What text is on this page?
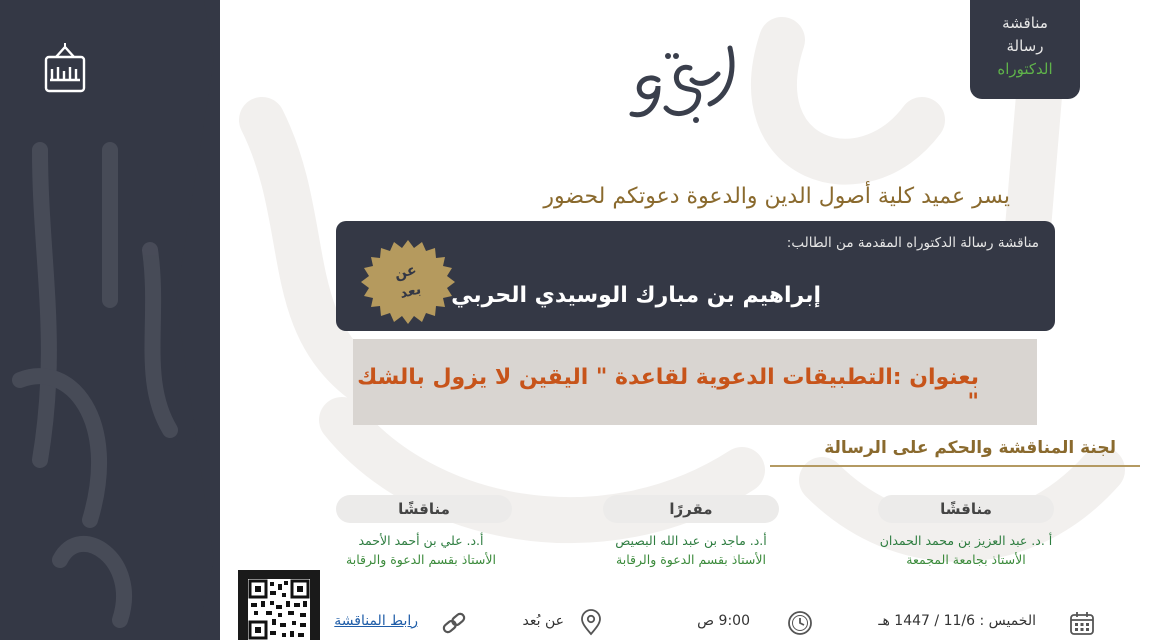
مناقشة
رسالة
الدكتوراه
يسر عميد كلية أصول الدين والدعوة دعوتكم لحضور
مناقشة رسالة الدكتوراه المقدمة من الطالب:
إبراهيم بن مبارك الوسيدي الحربي
عن
بعد
بعنوان :التطبيقات الدعوية لقاعدة " اليقين لا يزول بالشك "
لجنة المناقشة والحكم على الرسالة
مناقشًا
مقررًا
مناقشًا
أ .د. عبد العزيز بن محمد الحمدان
الأستاذ بجامعة المجمعة
أ.د. ماجد بن عبد الله البصيص
الأستاذ بقسم الدعوة والرقابة
أ.د. علي بن أحمد الأحمد
الأستاذ بقسم الدعوة والرقابة
الخميس : 11/6 / 1447 هـ
9:00 ص
عن بُعد
رابط المناقشة
